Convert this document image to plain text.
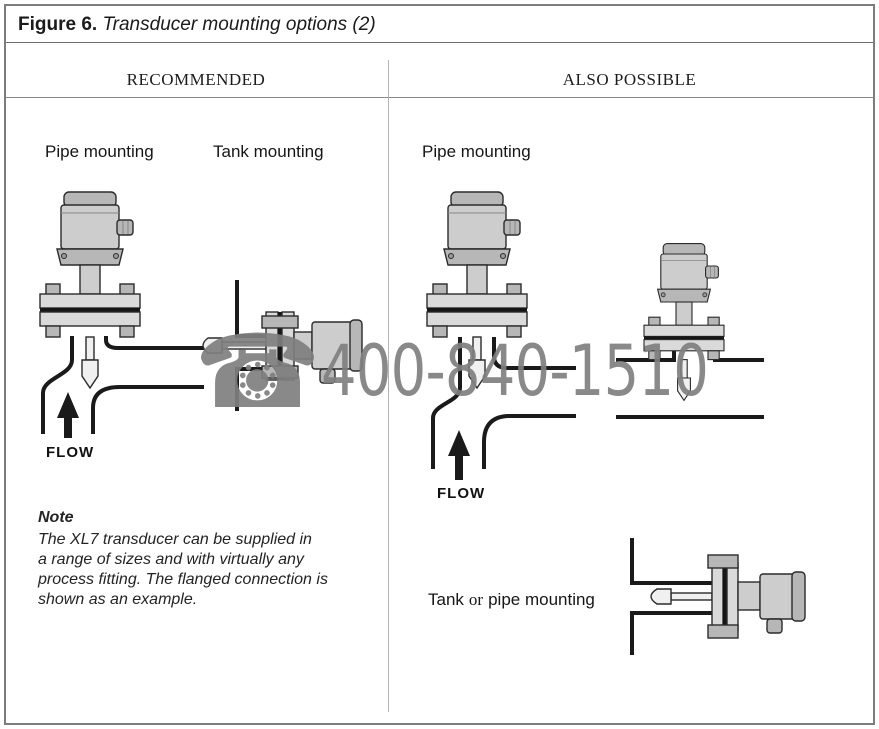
Figure 6. Transducer mounting options (2)
RECOMMENDED	ALSO POSSIBLE
Pipe mounting	Tank mounting
FLOW
Note
The XL7 transducer can be supplied in
a range of sizes and with virtually any
process fitting. The flanged connection is
shown as an example.
Pipe mounting
FLOW
Tank or pipe mounting
☎ 400-840-1510
